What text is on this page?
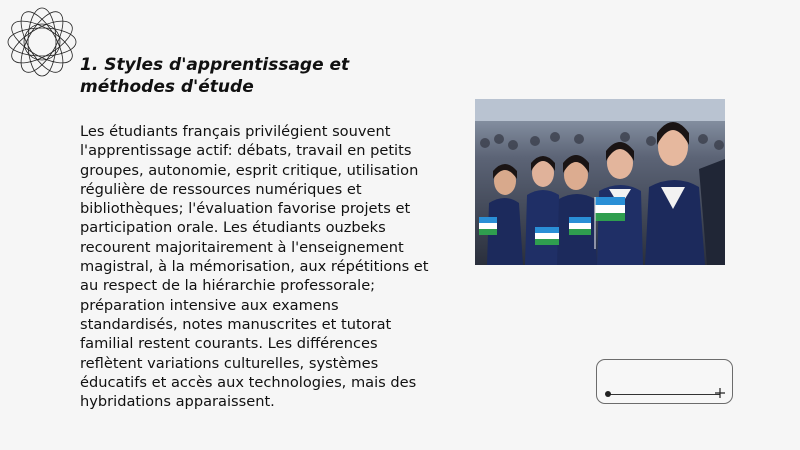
1. Styles d'apprentissage et méthodes d'étude
Les étudiants français privilégient souvent l'apprentissage actif: débats, travail en petits groupes, autonomie, esprit critique, utilisation régulière de ressources numériques et bibliothèques; l'évaluation favorise projets et participation orale. Les étudiants ouzbeks recourent majoritairement à l'enseignement magistral, à la mémorisation, aux répétitions et au respect de la hiérarchie professorale; préparation intensive aux examens standardisés, notes manuscrites et tutorat familial restent courants. Les différences reflètent variations culturelles, systèmes éducatifs et accès aux technologies, mais des hybridations apparaissent.
